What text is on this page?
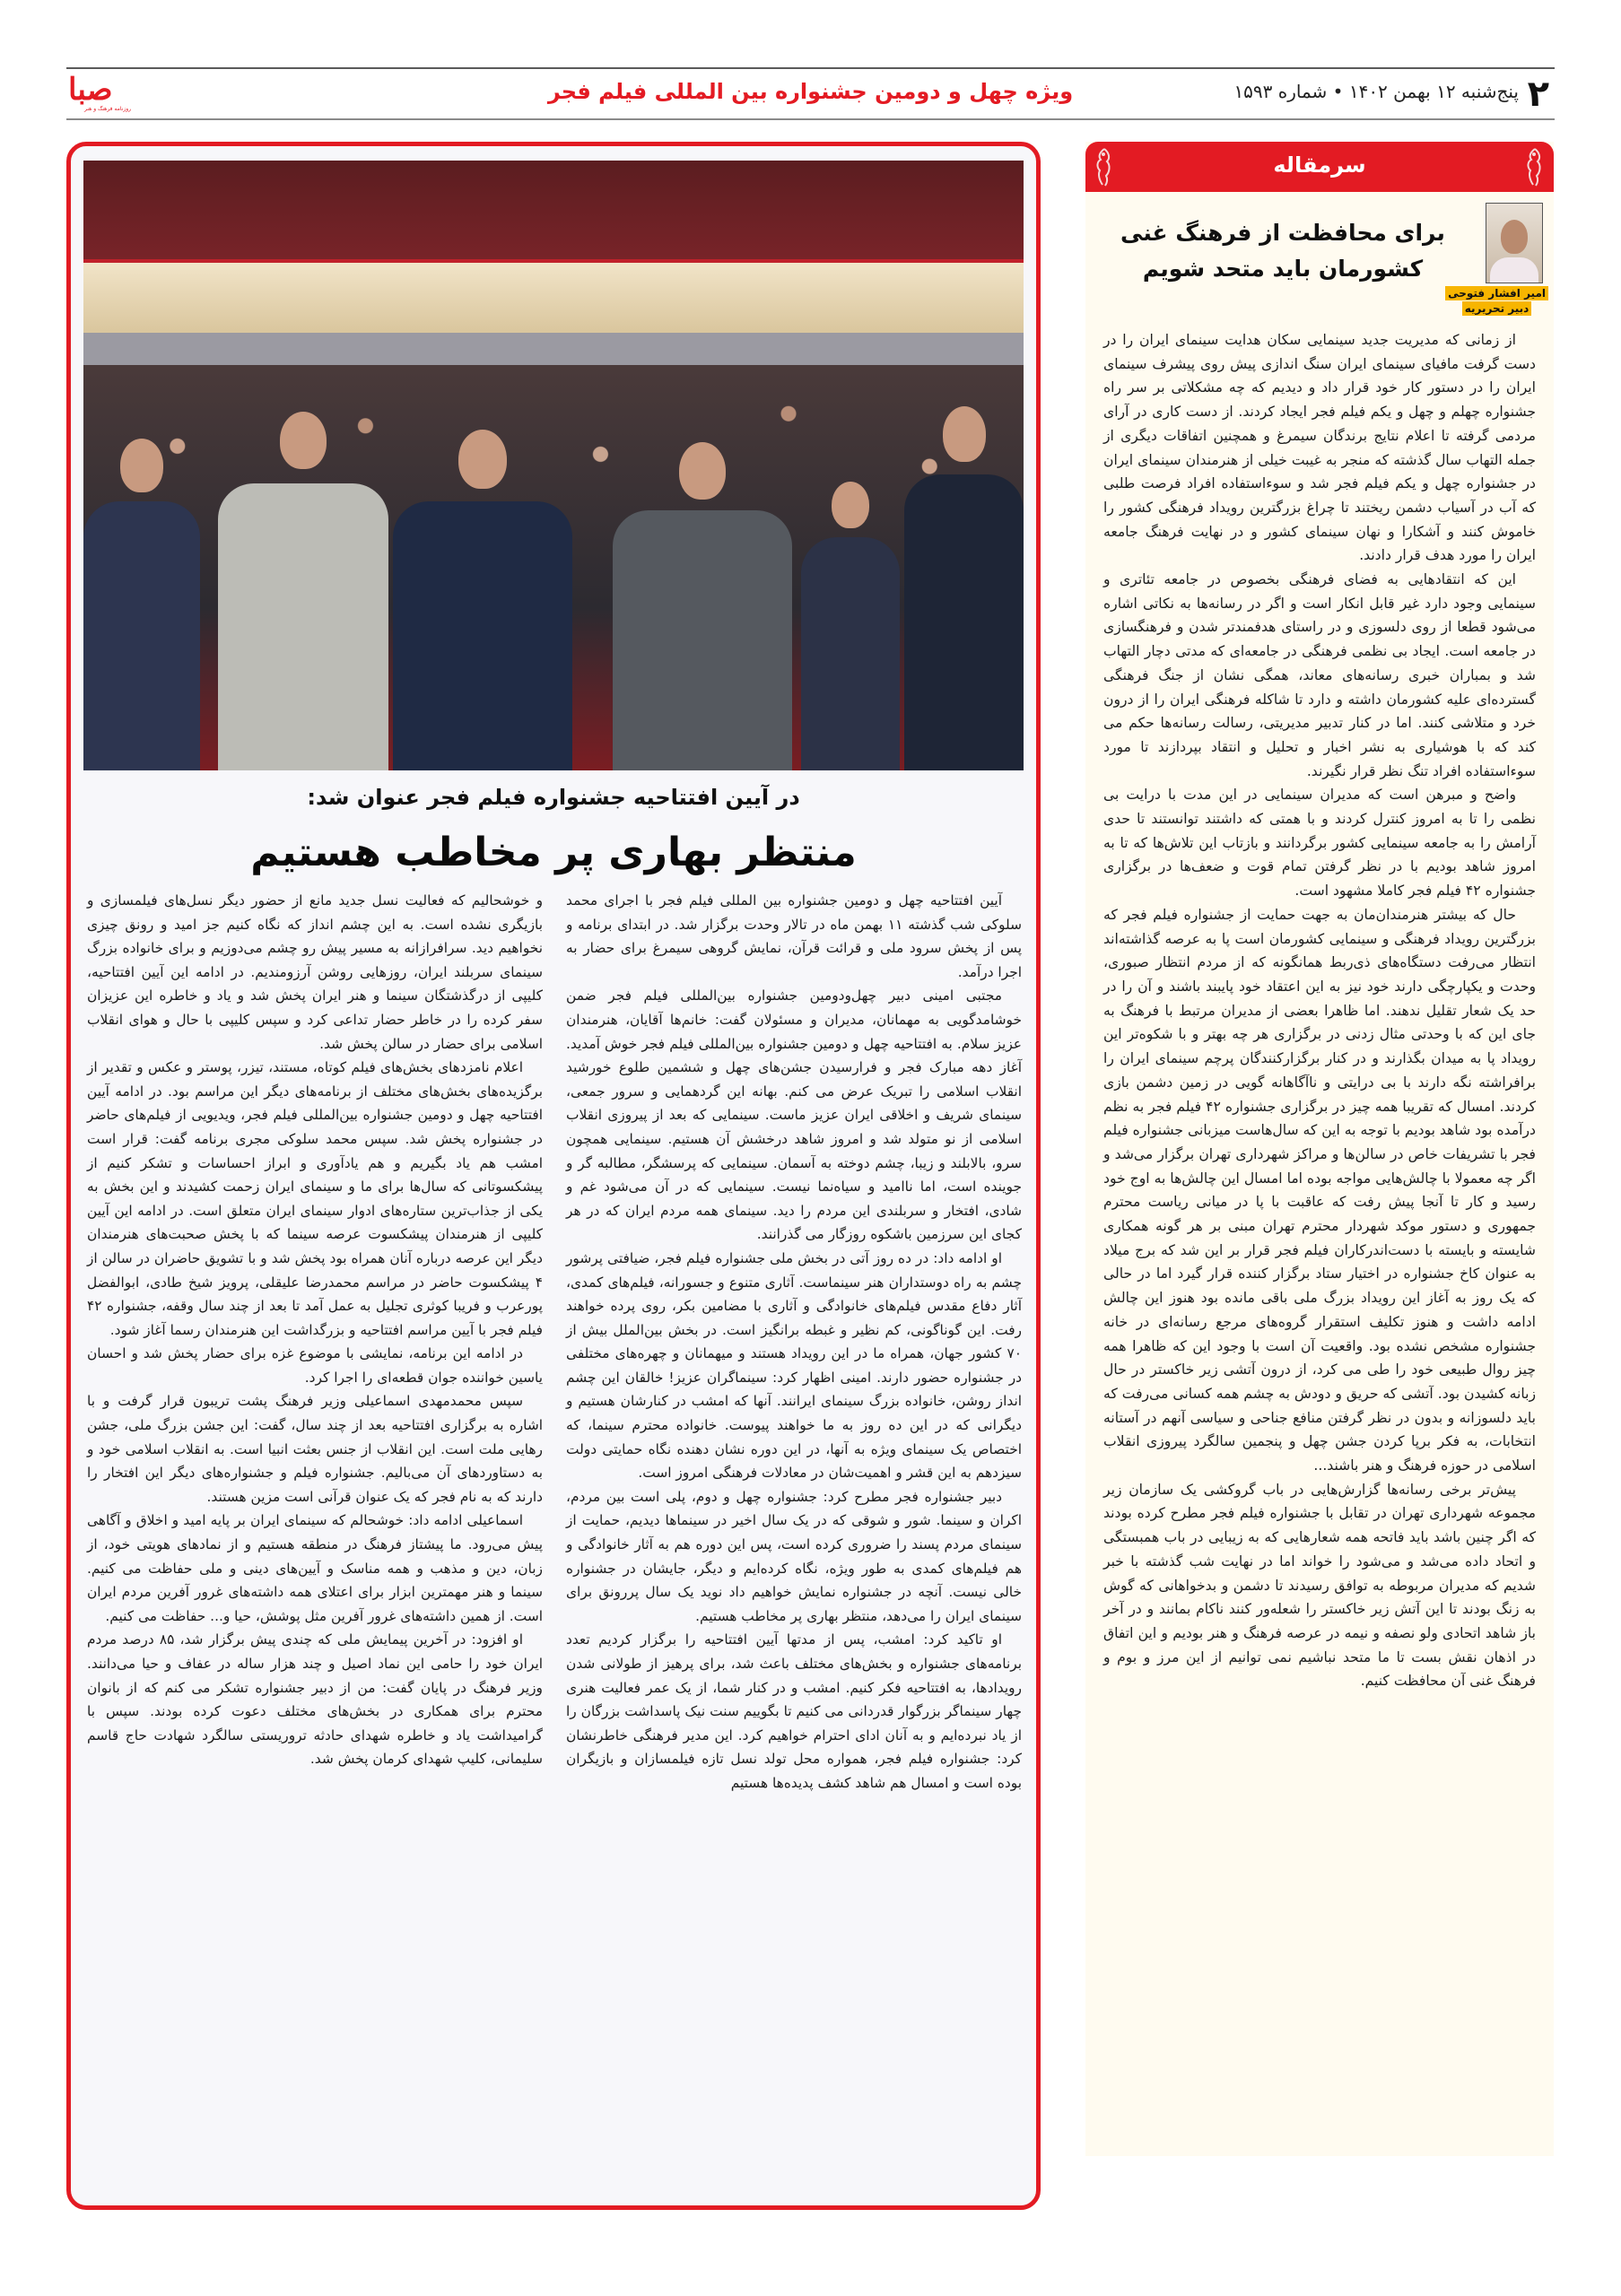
صبا
روزنامه فرهنگ و هنر
ویژه چهل و دومین جشنواره بین المللی فیلم فجر	پنج‌شنبه ۱۲ بهمن ۱۴۰۲ • شماره ۱۵۹۳ ۲
در آیین افتتاحیه جشنواره فیلم فجر عنوان شد:
منتظر بهاری پر مخاطب هستیم

آیین افتتاحیه چهل و دومین جشنواره بین المللی فیلم فجر با اجرای محمد سلوکی شب گذشته ۱۱ بهمن ماه در تالار وحدت برگزار شد. در ابتدای برنامه و پس از پخش سرود ملی و قرائت قرآن، نمایش گروهی سیمرغ برای حضار به اجرا درآمد.

مجتبی امینی دبیر چهل‌ودومین جشنواره بین‌المللی فیلم فجر ضمن خوشامدگویی به مهمانان، مدیران و مسئولان گفت: خانم‌ها آقایان، هنرمندان عزیز سلام. به افتتاحیه چهل و دومین جشنواره بین‌المللی فیلم فجر خوش آمدید. آغاز دهه مبارک فجر و فرارسیدن جشن‌های چهل و ششمین طلوع خورشید انقلاب اسلامی را تبریک عرض می کنم. بهانه این گردهمایی و سرور جمعی، سینمای شریف و اخلاقی ایران عزیز ماست. سینمایی که بعد از پیروزی انقلاب اسلامی از نو متولد شد و امروز شاهد درخشش آن هستیم. سینمایی همچون سرو، بالابلند و زیبا، چشم دوخته به آسمان. سینمایی که پرسشگر، مطالبه گر و جوینده است، اما ناامید و سیاه‌نما نیست. سینمایی که در آن می‌شود غم و شادی، افتخار و سربلندی این مردم را دید. سینمای همه مردم ایران که در هر کجای این سرزمین باشکوه روزگار می گذرانند.

او ادامه داد: در ده روز آتی در بخش ملی جشنواره فیلم فجر، ضیافتی پرشور چشم به راه دوستداران هنر سینماست. آثاری متنوع و جسورانه، فیلم‌های کمدی، آثار دفاع مقدس فیلم‌های خانوادگی و آثاری با مضامین بکر، روی پرده خواهند رفت. این گوناگونی، کم نظیر و غبطه برانگیز است. در بخش بین‌الملل بیش از ۷۰ کشور جهان، همراه ما در این رویداد هستند و میهمانان و چهره‌های مختلفی در جشنواره حضور دارند. امینی اظهار کرد: سینماگران عزیز! خالقان این چشم انداز روشن، خانواده بزرگ سینمای ایرانند. آنها که امشب در کنارشان هستیم و دیگرانی که در این ده روز به ما خواهند پیوست. خانواده محترم سینما، که اختصاص یک سینمای ویژه به آنها، در این دوره نشان دهنده نگاه حمایتی دولت سیزدهم به این قشر و اهمیت‌شان در معادلات فرهنگی امروز است.

دبیر جشنواره فجر مطرح کرد: جشنواره چهل و دوم، پلی است بین مردم، اکران و سینما. شور و شوقی که در یک سال اخیر در سینماها دیدیم، حمایت از سینمای مردم پسند را ضروری کرده است، پس این دوره هم به آثار خانوادگی و هم فیلم‌های کمدی به طور ویژه، نگاه کرده‌ایم و دیگر، جایشان در جشنواره خالی نیست. آنچه در جشنواره نمایش خواهیم داد نوید یک سال پررونق برای سینمای ایران را می‌دهد، منتظر بهاری پر مخاطب هستیم.

او تاکید کرد: امشب، پس از مدتها آیین افتتاحیه را برگزار کردیم تعدد برنامه‌های جشنواره و بخش‌های مختلف باعث شد، برای پرهیز از طولانی شدن رویدادها، به افتتاحیه فکر کنیم. امشب و در کنار شما، از یک عمر فعالیت هنری چهار سینماگر بزرگوار قدردانی می کنیم تا بگوییم سنت نیک پاسداشت بزرگان را از یاد نبرده‌ایم و به آنان ادای احترام خواهیم کرد. این مدیر فرهنگی خاطرنشان کرد: جشنواره فیلم فجر، همواره محل تولد نسل تازه فیلمسازان و بازیگران بوده است و امسال هم شاهد کشف پدیده‌ها هستیم

و خوشحالیم که فعالیت نسل جدید مانع از حضور دیگر نسل‌های فیلمسازی و بازیگری نشده است. به این چشم انداز که نگاه کنیم جز امید و رونق چیزی نخواهیم دید. سرافرازانه به مسیر پیش رو چشم می‌دوزیم و برای خانواده بزرگ سینمای سربلند ایران، روزهایی روشن آرزومندیم. در ادامه این آیین افتتاحیه، کلیپی از درگذشتگان سینما و هنر ایران پخش شد و یاد و خاطره این عزیزان سفر کرده را در خاطر حضار تداعی کرد و سپس کلیپی با حال و هوای انقلاب اسلامی برای حضار در سالن پخش شد.

اعلام نامزدهای بخش‌های فیلم کوتاه، مستند، تیزر، پوستر و عکس و تقدیر از برگزیده‌های بخش‌های مختلف از برنامه‌های دیگر این مراسم بود. در ادامه آیین افتتاحیه چهل و دومین جشنواره بین‌المللی فیلم فجر، ویدیویی از فیلم‌های حاضر در جشنواره پخش شد. سپس محمد سلوکی مجری برنامه گفت: قرار است امشب هم یاد بگیریم و هم یادآوری و ابراز احساسات و تشکر کنیم از پیشکسوتانی که سال‌ها برای ما و سینمای ایران زحمت کشیدند و این بخش به یکی از جذاب‌ترین ستاره‌های ادوار سینمای ایران متعلق است. در ادامه این آیین کلیپی از هنرمندان پیشکسوت عرصه سینما که با پخش صحبت‌های هنرمندان دیگر این عرصه درباره آنان همراه بود پخش شد و با تشویق حاضران در سالن از ۴ پیشکسوت حاضر در مراسم محمدرضا علیقلی، پرویز شیخ طادی، ابوالفضل پورعرب و فریبا کوثری تجلیل به عمل آمد تا بعد از چند سال وقفه، جشنواره ۴۲ فیلم فجر با آیین مراسم افتتاحیه و بزرگداشت این هنرمندان رسما آغاز شود.

در ادامه این برنامه، نمایشی با موضوع غزه برای حضار پخش شد و احسان یاسین خواننده جوان قطعه‌ای را اجرا کرد.

سپس محمدمهدی اسماعیلی وزیر فرهنگ پشت تریبون قرار گرفت و با اشاره به برگزاری افتتاحیه بعد از چند سال، گفت: این جشن بزرگ ملی، جشن رهایی ملت است. این انقلاب از جنس بعثت انبیا است. به انقلاب اسلامی خود و به دستاوردهای آن می‌بالیم. جشنواره فیلم و جشنواره‌های دیگر این افتخار را دارند که به نام فجر که یک عنوان قرآنی است مزین هستند.

اسماعیلی ادامه داد: خوشحالم که سینمای ایران بر پایه امید و اخلاق و آگاهی پیش می‌رود. ما پیشتاز فرهنگ در منطقه هستیم و از نمادهای هویتی خود، از زبان، دین و مذهب و همه مناسک و آیین‌های دینی و ملی حفاظت می کنیم. سینما و هنر مهمترین ابزار برای اعتلای همه داشته‌های غرور آفرین مردم ایران است. از همین داشته‌های غرور آفرین مثل پوشش، حیا و... حفاظت می کنیم.

او افزود: در آخرین پیمایش ملی که چندی پیش برگزار شد، ۸۵ درصد مردم ایران خود را حامی این نماد اصیل و چند هزار ساله در عفاف و حیا می‌دانند. وزیر فرهنگ در پایان گفت: من از دبیر جشنواره تشکر می کنم که از بانوان محترم برای همکاری در بخش‌های مختلف دعوت کرده بودند. سپس با گرامیداشت یاد و خاطره شهدای حادثه تروریستی سالگرد شهادت حاج قاسم سلیمانی، کلیپ شهدای کرمان پخش شد.

سرمقاله
امیر افشار فتوحی
دبیر تحریریه
برای محافظت از فرهنگ غنی کشورمان باید متحد شویم

از زمانی که مدیریت جدید سینمایی سکان هدایت سینمای ایران را در دست گرفت مافیای سینمای ایران سنگ اندازی پیش روی پیشرف سینمای ایران را در دستور کار خود قرار داد و دیدیم که چه مشکلاتی بر سر راه جشنواره چهلم و چهل و یکم فیلم فجر ایجاد کردند. از دست کاری در آرای مردمی گرفته تا اعلام نتایج برندگان سیمرغ و همچنین اتفاقات دیگری از جمله التهاب سال گذشته که منجر به غیبت خیلی از هنرمندان سینمای ایران در جشنواره چهل و یکم فیلم فجر شد و سوءاستفاده افراد فرصت طلبی که آب در آسیاب دشمن ریختند تا چراغ بزرگترین رویداد فرهنگی کشور را خاموش کنند و آشکارا و نهان سینمای کشور و در نهایت فرهنگ جامعه ایران را مورد هدف قرار دادند.

این که انتقادهایی به فضای فرهنگی بخصوص در جامعه تئاتری و سینمایی وجود دارد غیر قابل انکار است و اگر در رسانه‌ها به نکاتی اشاره می‌شود قطعا از روی دلسوزی و در راستای هدفمندتر شدن و فرهنگسازی در جامعه است. ایجاد بی نظمی فرهنگی در جامعه‌ای که مدتی دچار التهاب شد و بمباران خبری رسانه‌های معاند، همگی نشان از جنگ فرهنگی گسترده‌ای علیه کشورمان داشته و دارد تا شاکله فرهنگی ایران را از درون خرد و متلاشی کنند. اما در کنار تدبیر مدیریتی، رسالت رسانه‌ها حکم می کند که با هوشیاری به نشر اخبار و تحلیل و انتقاد بپردازند تا مورد سوءاستفاده افراد تنگ نظر قرار نگیرند.

واضح و مبرهن است که مدیران سینمایی در این مدت با درایت بی نظمی را تا به امروز کنترل کردند و با همتی که داشتند توانستند تا حدی آرامش را به جامعه سینمایی کشور برگردانند و بازتاب این تلاش‌ها که تا به امروز شاهد بودیم با در نظر گرفتن تمام قوت و ضعف‌ها در برگزاری جشنواره ۴۲ فیلم فجر کاملا مشهود است.

حال که بیشتر هنرمندان‌مان به جهت حمایت از جشنواره فیلم فجر که بزرگترین رویداد فرهنگی و سینمایی کشورمان است پا به عرصه گذاشته‌اند انتظار می‌رفت دستگاه‌های ذی‌ربط همانگونه که از مردم انتظار صبوری، وحدت و یکپارچگی دارند خود نیز به این اعتقاد خود پایبند باشند و آن را در حد یک شعار تقلیل ندهند. اما ظاهرا بعضی از مدیران مرتبط با فرهنگ به جای این که با وحدتی مثال زدنی در برگزاری هر چه بهتر و با شکوه‌تر این رویداد پا به میدان بگذارند و در کنار برگزارکنندگان پرچم سینمای ایران را برافراشته نگه دارند با بی درایتی و ناآگاهانه گویی در زمین دشمن بازی کردند. امسال که تقریبا همه چیز در برگزاری جشنواره ۴۲ فیلم فجر به نظم درآمده بود شاهد بودیم با توجه به این که سال‌هاست میزبانی جشنواره فیلم فجر با تشریفات خاص در سالن‌ها و مراکز شهرداری تهران برگزار می‌شد و اگر چه معمولا با چالش‌هایی مواجه بوده اما امسال این چالش‌ها به اوج خود رسید و کار تا آنجا پیش رفت که عاقبت با پا در میانی ریاست محترم جمهوری و دستور موکد شهردار محترم تهران مبنی بر هر گونه همکاری شایسته و بایسته با دست‌اندرکاران فیلم فجر قرار بر این شد که برج میلاد به عنوان کاخ جشنواره در اختیار ستاد برگزار کننده قرار گیرد اما در حالی که یک روز به آغاز این رویداد بزرگ ملی باقی مانده بود هنوز این چالش ادامه داشت و هنوز تکلیف استقرار گروه‌های مرجع رسانه‌ای در خانه جشنواره مشخص نشده بود. واقعیت آن است با وجود این که ظاهرا همه چیز روال طبیعی خود را طی می کرد، از درون آتشی زیر خاکستر در حال زبانه کشیدن بود. آتشی که حریق و دودش به چشم همه کسانی می‌رفت که باید دلسوزانه و بدون در نظر گرفتن منافع جناحی و سیاسی آنهم در آستانه انتخابات، به فکر برپا کردن جشن چهل و پنجمین سالگرد پیروزی انقلاب اسلامی در حوزه فرهنگ و هنر باشند...

پیش‌تر برخی رسانه‌ها گزارش‌هایی در باب گروکشی یک سازمان زیر مجموعه شهرداری تهران در تقابل با جشنواره فیلم فجر مطرح کرده بودند که اگر چنین باشد باید فاتحه همه شعارهایی که به زیبایی در باب همبستگی و اتحاد داده می‌شد و می‌شود را خواند اما در نهایت شب گذشته با خبر شدیم که مدیران مربوطه به توافق رسیدند تا دشمن و بدخواهانی که گوش به زنگ بودند تا این آتش زیر خاکستر را شعله‌ور کنند ناکام بمانند و در آخر باز شاهد اتحادی ولو نصفه و نیمه در عرصه فرهنگ و هنر بودیم و این اتفاق در اذهان نقش بست تا ما متحد نباشیم نمی توانیم از این مرز و بوم و فرهنگ غنی آن محافظت کنیم.
